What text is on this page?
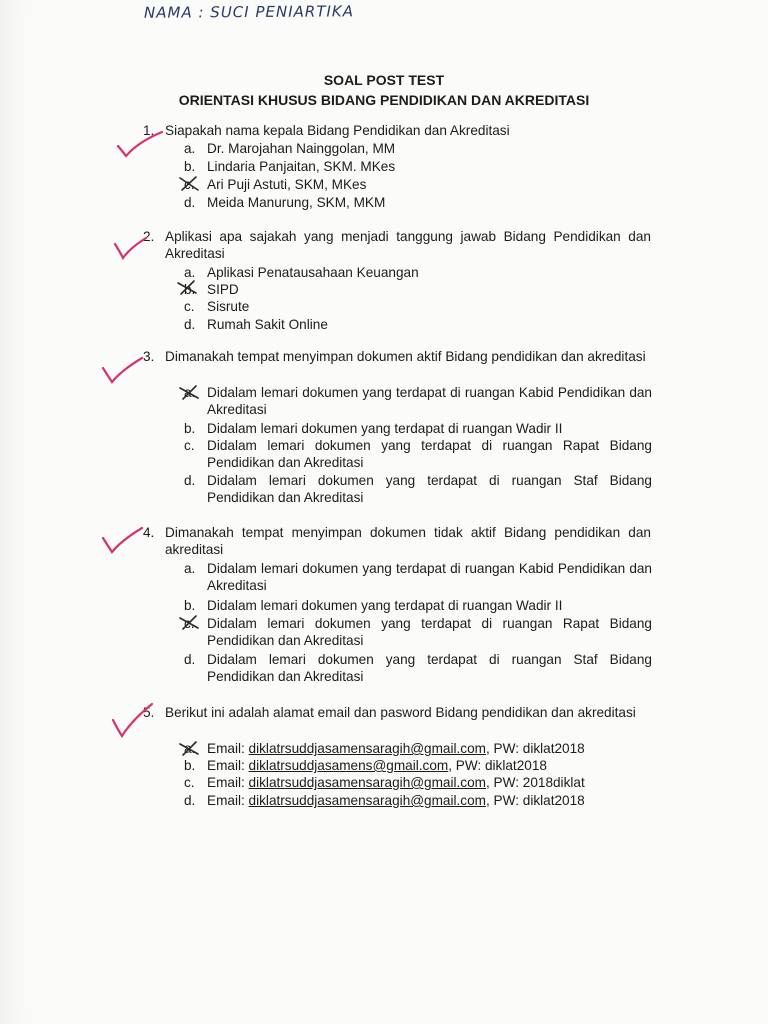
NAMA : SUCI PENIARTIKA
SOAL POST TEST
ORIENTASI KHUSUS BIDANG PENDIDIKAN DAN AKREDITASI
1. Siapakah nama kepala Bidang Pendidikan dan Akreditasi
a. Dr. Marojahan Nainggolan, MM
b. Lindaria Panjaitan, SKM. MKes
c. Ari Puji Astuti, SKM, MKes
d. Meida Manurung, SKM, MKM
2. Aplikasi apa sajakah yang menjadi tanggung jawab Bidang Pendidikan dan Akreditasi
a. Aplikasi Penatausahaan Keuangan
b. SIPD
c. Sisrute
d. Rumah Sakit Online
3. Dimanakah tempat menyimpan dokumen aktif Bidang pendidikan dan akreditasi
a. Didalam lemari dokumen yang terdapat di ruangan Kabid Pendidikan dan Akreditasi
b. Didalam lemari dokumen yang terdapat di ruangan Wadir II
c. Didalam lemari dokumen yang terdapat di ruangan Rapat Bidang Pendidikan dan Akreditasi
d. Didalam lemari dokumen yang terdapat di ruangan Staf Bidang Pendidikan dan Akreditasi
4. Dimanakah tempat menyimpan dokumen tidak aktif Bidang pendidikan dan akreditasi
a. Didalam lemari dokumen yang terdapat di ruangan Kabid Pendidikan dan Akreditasi
b. Didalam lemari dokumen yang terdapat di ruangan Wadir II
c. Didalam lemari dokumen yang terdapat di ruangan Rapat Bidang Pendidikan dan Akreditasi
d. Didalam lemari dokumen yang terdapat di ruangan Staf Bidang Pendidikan dan Akreditasi
5. Berikut ini adalah alamat email dan pasword Bidang pendidikan dan akreditasi
a. Email: diklatrsuddjasamensaragih@gmail.com, PW: diklat2018
b. Email: diklatrsuddjasamens@gmail.com, PW: diklat2018
c. Email: diklatrsuddjasamensaragih@gmail.com, PW: 2018diklat
d. Email: diklatrsuddjasamensaragih@gmail.com, PW: diklat2018
